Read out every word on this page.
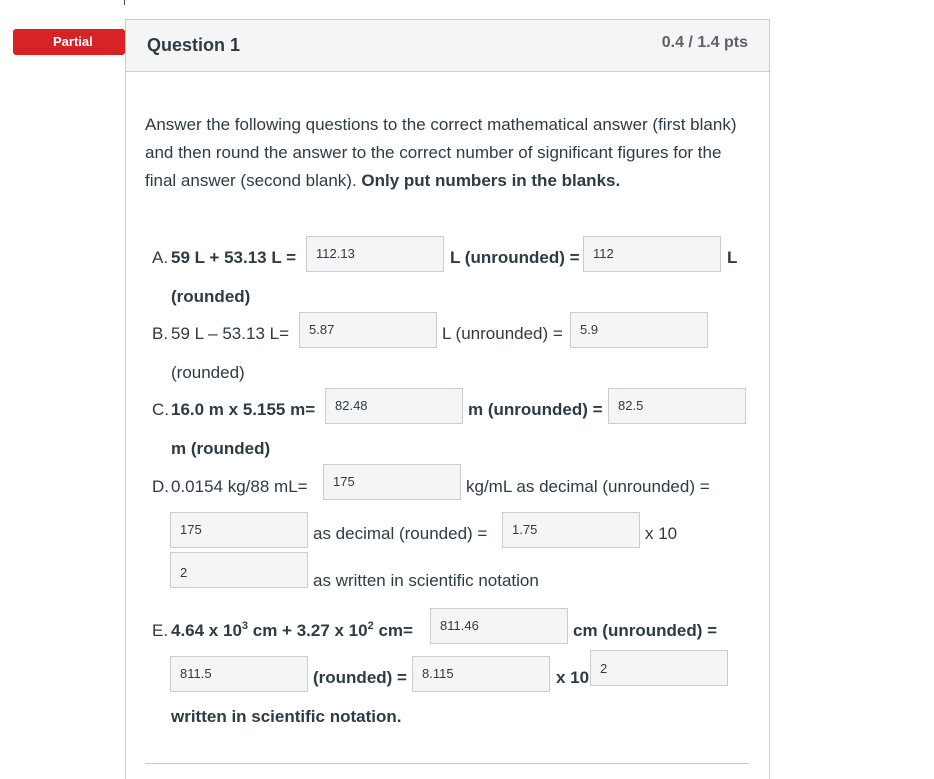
Partial	Question 1	0.4 / 1.4 pts
Answer the following questions to the correct mathematical answer (first blank) and then round the answer to the correct number of significant figures for the final answer (second blank). Only put numbers in the blanks.
A. 59 L + 53.13 L =	112.13	L (unrounded) =	112	L
(rounded)
B. 59 L – 53.13 L=	5.87	L (unrounded) =	5.9
(rounded)
C. 16.0 m x 5.155 m=	82.48	m (unrounded) =	82.5
m (rounded)
D. 0.0154 kg/88 mL=	175	kg/mL as decimal (unrounded) =
175	as decimal (rounded) =	1.75	x 10
2	as written in scientific notation
E. 4.64 x $10^3$ cm + 3.27 x $10^2$ cm=	811.46	cm (unrounded) =
811.5	(rounded) =	8.115	x 10 2
written in scientific notation.
